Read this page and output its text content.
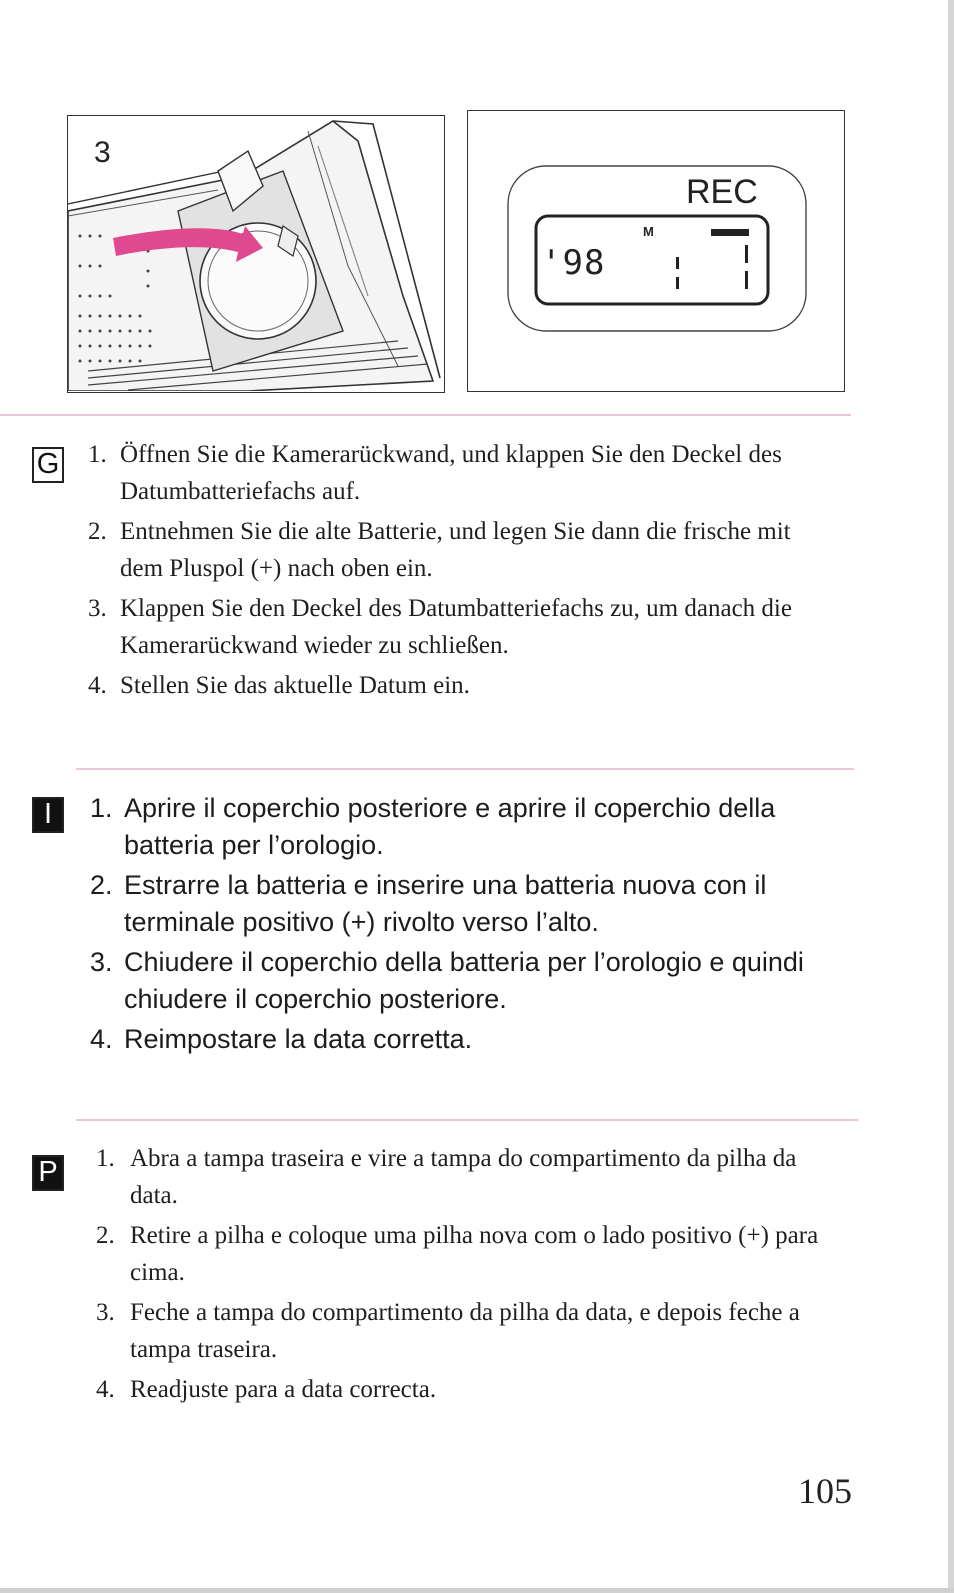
3
REC
M
'98
G 1. Öffnen Sie die Kamerarückwand, und klappen Sie den Deckel des Datumbatteriefachs auf.
2. Entnehmen Sie die alte Batterie, und legen Sie dann die frische mit dem Pluspol (+) nach oben ein.
3. Klappen Sie den Deckel des Datumbatteriefachs zu, um danach die Kamerarückwand wieder zu schließen.
4. Stellen Sie das aktuelle Datum ein.
I	1. Aprire il coperchio posteriore e aprire il coperchio della batteria per l’orologio.
2. Estrarre la batteria e inserire una batteria nuova con il terminale positivo (+) rivolto verso l’alto.
3. Chiudere il coperchio della batteria per l’orologio e quindi chiudere il coperchio posteriore.
4. Reimpostare la data corretta.
P 1. Abra a tampa traseira e vire a tampa do compartimento da pilha da data.
2. Retire a pilha e coloque uma pilha nova com o lado positivo (+) para cima.
3. Feche a tampa do compartimento da pilha da data, e depois feche a tampa traseira.
4. Readjuste para a data correcta.
105
